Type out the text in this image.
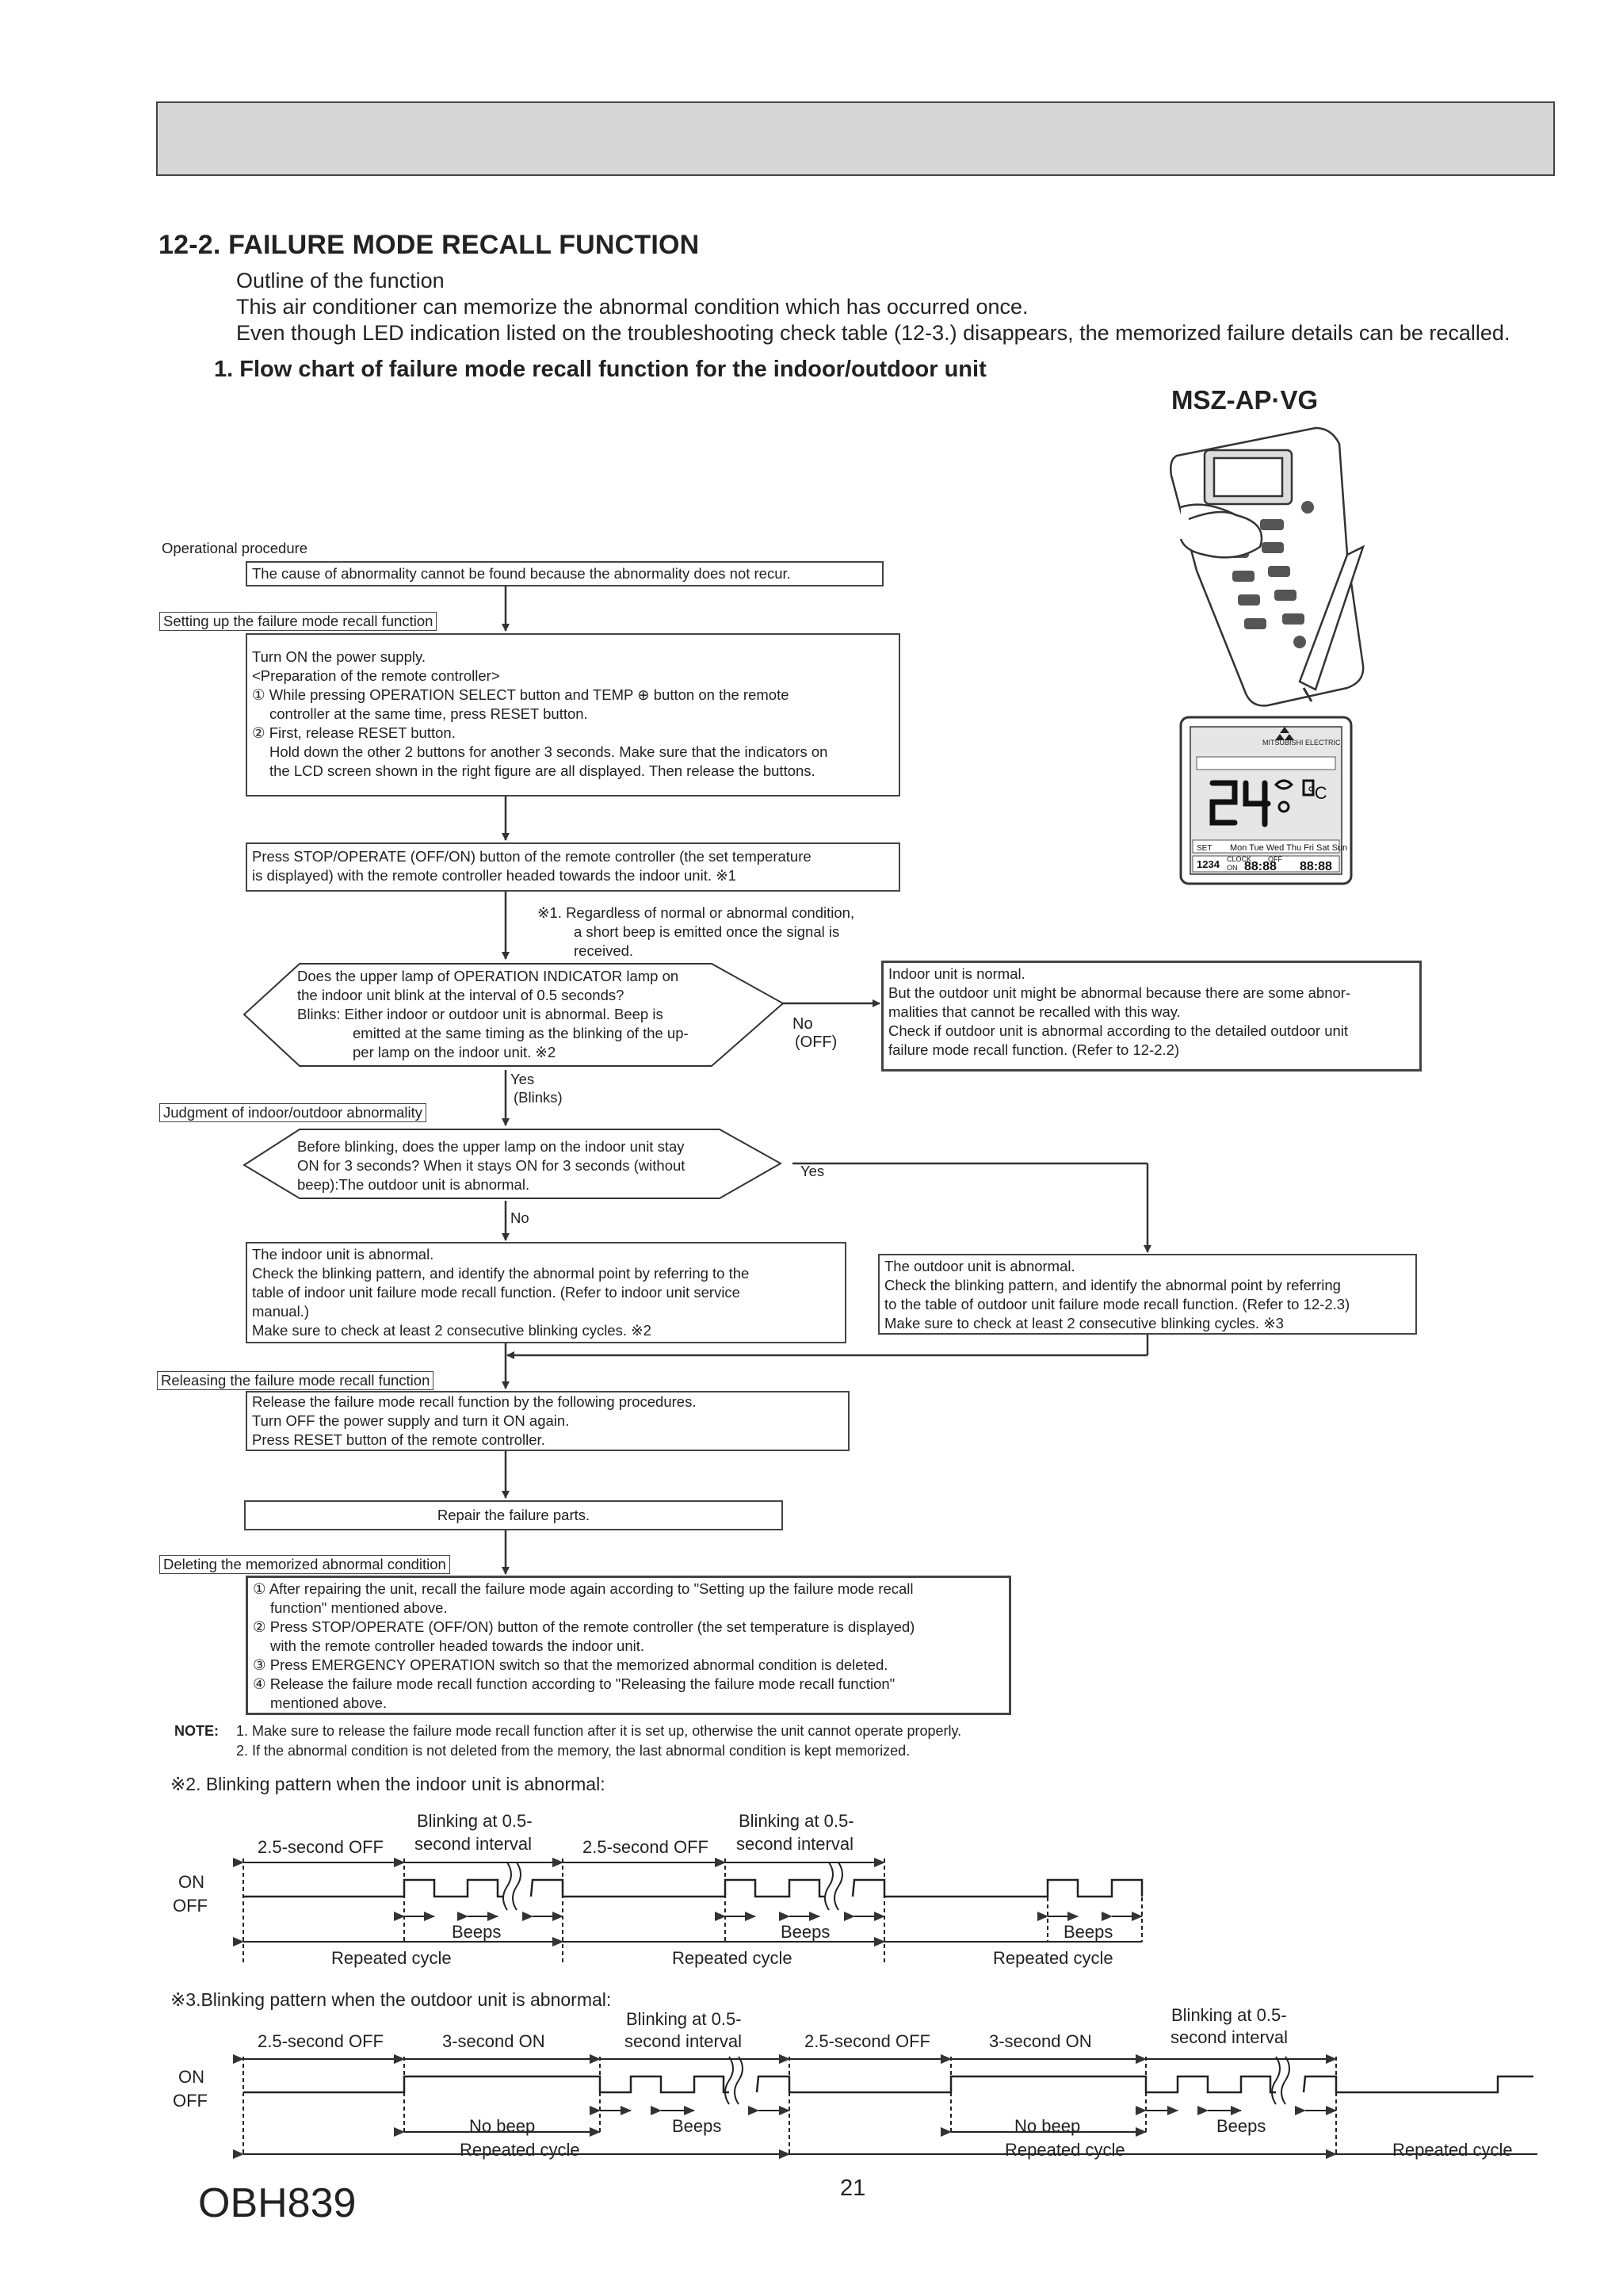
12-2. FAILURE MODE RECALL FUNCTION
Outline of the function
This air conditioner can memorize the abnormal condition which has occurred once.
Even though LED indication listed on the troubleshooting check table (12-3.) disappears, the memorized failure details can be recalled.
1. Flow chart of failure mode recall function for the indoor/outdoor unit
MSZ-AP·VG
MITSUBISHI ELECTRIC
°C
Mon Tue Wed Thu Fri Sat Sun
SET
1234 CLOCK
ON
OFF
88:88 88:88
Operational procedure
The cause of abnormality cannot be found because the abnormality does not recur.
Setting up the failure mode recall function
Turn ON the power supply.
<Preparation of the remote controller>
① While pressing OPERATION SELECT button and TEMP ⊕ button on the remote
controller at the same time, press RESET button.
② First, release RESET button.
Hold down the other 2 buttons for another 3 seconds. Make sure that the indicators on
the LCD screen shown in the right figure are all displayed. Then release the buttons.
Press STOP/OPERATE (OFF/ON) button of the remote controller (the set temperature
is displayed) with the remote controller headed towards the indoor unit. ※1
※1. Regardless of normal or abnormal condition,
a short beep is emitted once the signal is
received.
Does the upper lamp of OPERATION INDICATOR lamp on
the indoor unit blink at the interval of 0.5 seconds?
Blinks: Either indoor or outdoor unit is abnormal. Beep is
emitted at the same timing as the blinking of the up-
per lamp on the indoor unit. ※2
No
(OFF)
Indoor unit is normal.
But the outdoor unit might be abnormal because there are some abnor-
malities that cannot be recalled with this way.
Check if outdoor unit is abnormal according to the detailed outdoor unit
failure mode recall function. (Refer to 12-2.2)
Yes
(Blinks)
Judgment of indoor/outdoor abnormality
Before blinking, does the upper lamp on the indoor unit stay
ON for 3 seconds? When it stays ON for 3 seconds (without
beep):The outdoor unit is abnormal.
Yes
No
The indoor unit is abnormal.
Check the blinking pattern, and identify the abnormal point by referring to the
table of indoor unit failure mode recall function. (Refer to indoor unit service
manual.)
Make sure to check at least 2 consecutive blinking cycles. ※2
The outdoor unit is abnormal.
Check the blinking pattern, and identify the abnormal point by referring
to the table of outdoor unit failure mode recall function. (Refer to 12-2.3)
Make sure to check at least 2 consecutive blinking cycles. ※3
Releasing the failure mode recall function
Release the failure mode recall function by the following procedures.
Turn OFF the power supply and turn it ON again.
Press RESET button of the remote controller.
Repair the failure parts.
Deleting the memorized abnormal condition
① After repairing the unit, recall the failure mode again according to "Setting up the failure mode recall
function" mentioned above.
② Press STOP/OPERATE (OFF/ON) button of the remote controller (the set temperature is displayed)
with the remote controller headed towards the indoor unit.
③ Press EMERGENCY OPERATION switch so that the memorized abnormal condition is deleted.
④ Release the failure mode recall function according to "Releasing the failure mode recall function"
mentioned above.
NOTE: 1. Make sure to release the failure mode recall function after it is set up, otherwise the unit cannot operate properly.
2. If the abnormal condition is not deleted from the memory, the last abnormal condition is kept memorized.
※2. Blinking pattern when the indoor unit is abnormal:
Blinking at 0.5-
second interval
Blinking at 0.5-
second interval
2.5-second OFF	2.5-second OFF
ON
OFF
Beeps	Beeps	Beeps
Repeated cycle	Repeated cycle	Repeated cycle
※3.Blinking pattern when the outdoor unit is abnormal:
Blinking at 0.5-
second interval
Blinking at 0.5-
second interval
2.5-second OFF	3-second ON	2.5-second OFF	3-second ON
ON
OFF
No beep	Beeps	No beep	Beeps
Repeated cycle	Repeated cycle	Repeated cycle
OBH839	21
